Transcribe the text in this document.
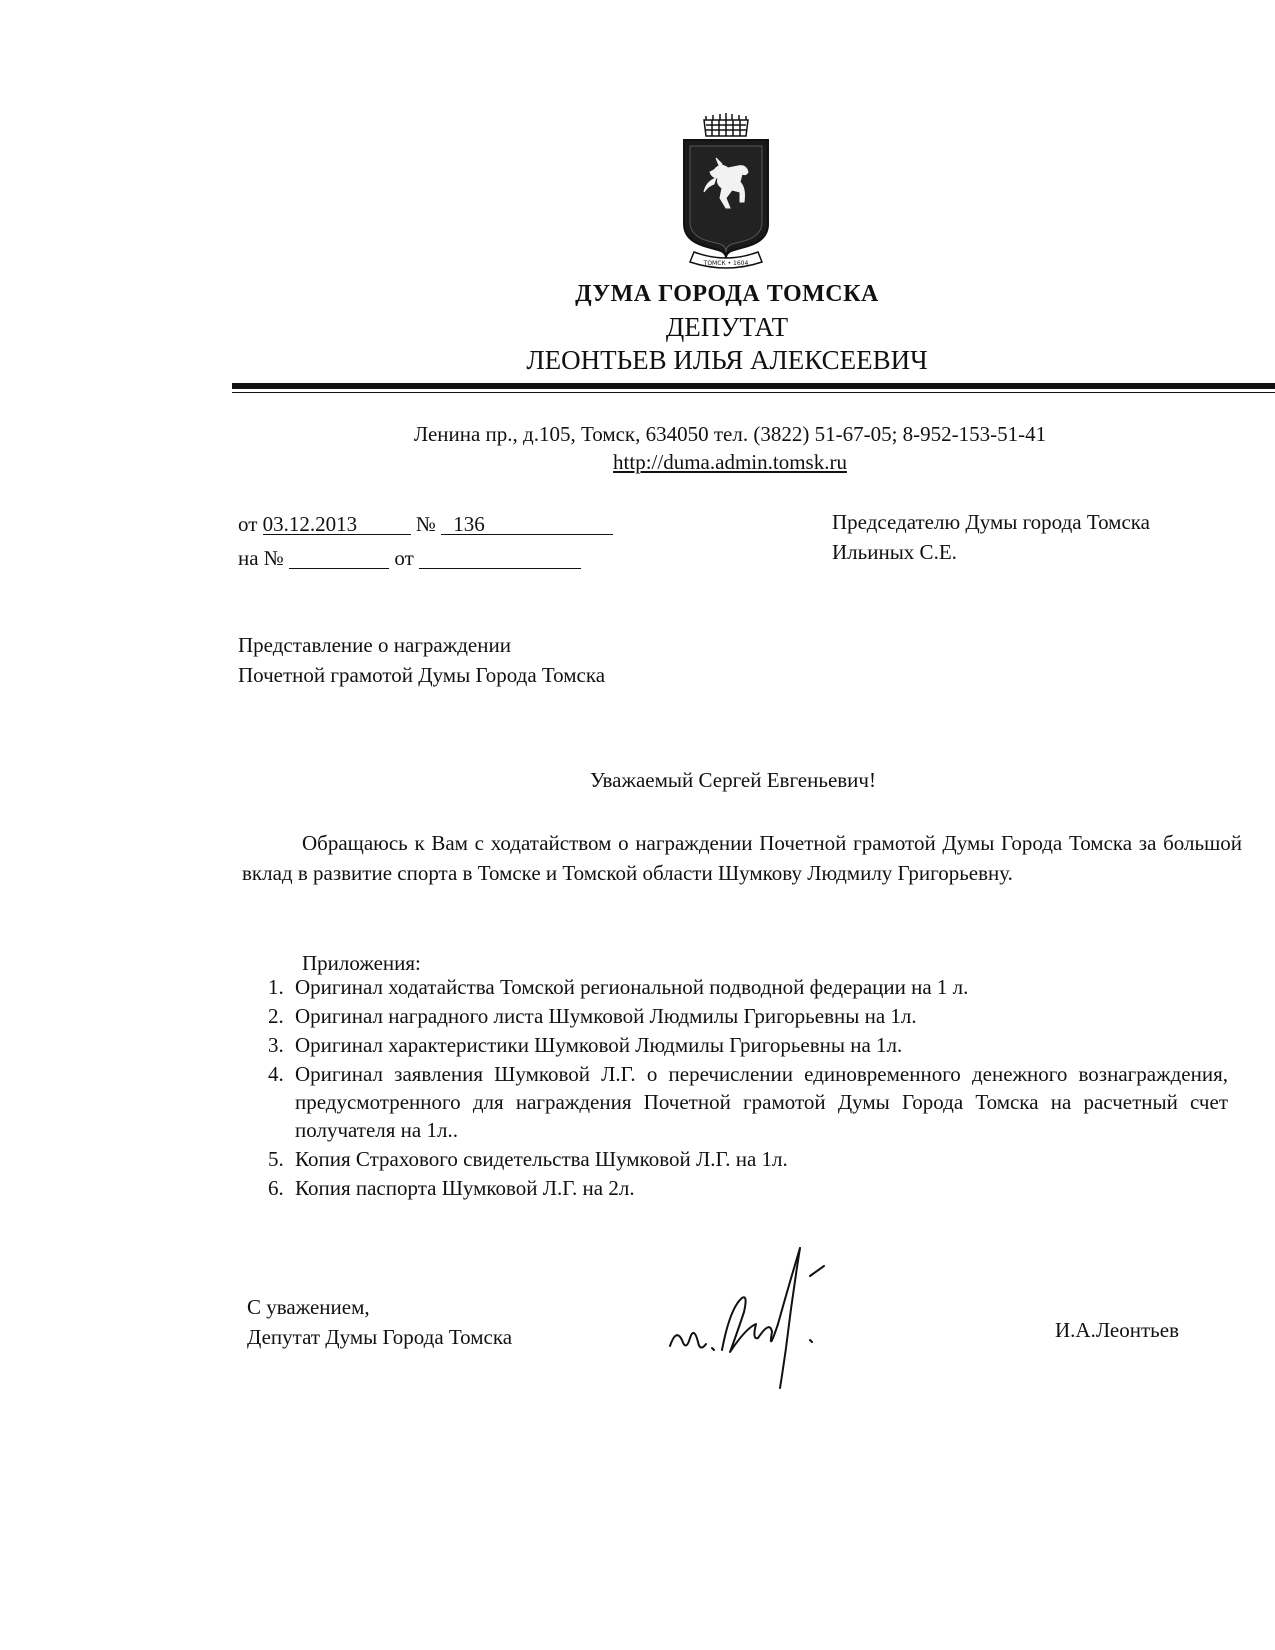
ТОМСК • 1604
ДУМА ГОРОДА ТОМСКА
ДЕПУТАТ
ЛЕОНТЬЕВ ИЛЬЯ АЛЕКСЕЕВИЧ
Ленина пр., д.105, Томск, 634050 тел. (3822) 51-67-05; 8-952-153-51-41
http://duma.admin.tomsk.ru
от 03.12.2013	№ 136
на №	от
Председателю Думы города Томска
Ильиных С.Е.
Представление о награждении
Почетной грамотой Думы Города Томска
Уважаемый Сергей Евгеньевич!
Обращаюсь к Вам с ходатайством о награждении Почетной грамотой Думы Города Томска за большой вклад в развитие спорта в Томске и Томской области Шумкову Людмилу Григорьевну.
Приложения:
1. Оригинал ходатайства Томской региональной подводной федерации на 1 л.
2. Оригинал наградного листа Шумковой Людмилы Григорьевны на 1л.
3. Оригинал характеристики Шумковой Людмилы Григорьевны на 1л.
4. Оригинал заявления Шумковой Л.Г. о перечислении единовременного денежного вознаграждения, предусмотренного для награждения Почетной грамотой Думы Города Томска на расчетный счет получателя на 1л..
5. Копия Страхового свидетельства Шумковой Л.Г. на 1л.
6. Копия паспорта Шумковой Л.Г. на 2л.
С уважением,
Депутат Думы Города Томска	И.А.Леонтьев
